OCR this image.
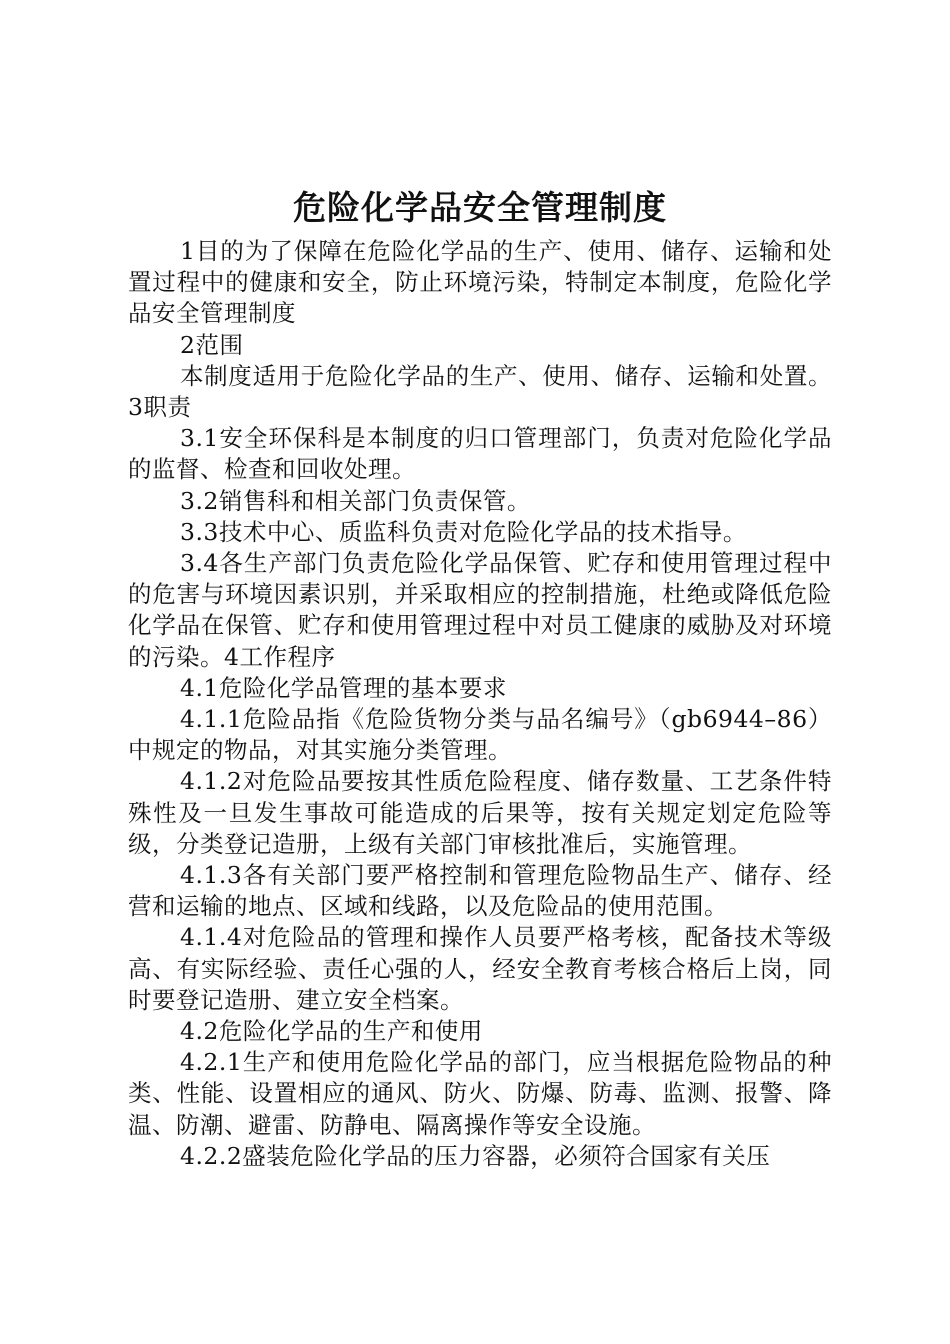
危险化学品安全管理制度

1目的为了保障在危险化学品的生产、使用、储存、运输和处置过程中的健康和安全，防止环境污染，特制定本制度，危险化学品安全管理制度

2范围

本制度适用于危险化学品的生产、使用、储存、运输和处置。3职责

3.1安全环保科是本制度的归口管理部门，负责对危险化学品的监督、检查和回收处理。

3.2销售科和相关部门负责保管。

3.3技术中心、质监科负责对危险化学品的技术指导。

3.4各生产部门负责危险化学品保管、贮存和使用管理过程中的危害与环境因素识别，并采取相应的控制措施，杜绝或降低危险化学品在保管、贮存和使用管理过程中对员工健康的威胁及对环境的污染。4工作程序

4.1危险化学品管理的基本要求

4.1.1危险品指《危险货物分类与品名编号》（gb6944–86）中规定的物品，对其实施分类管理。

4.1.2对危险品要按其性质危险程度、储存数量、工艺条件特殊性及一旦发生事故可能造成的后果等，按有关规定划定危险等级，分类登记造册，上级有关部门审核批准后，实施管理。

4.1.3各有关部门要严格控制和管理危险物品生产、储存、经营和运输的地点、区域和线路，以及危险品的使用范围。

4.1.4对危险品的管理和操作人员要严格考核，配备技术等级高、有实际经验、责任心强的人，经安全教育考核合格后上岗，同时要登记造册、建立安全档案。

4.2危险化学品的生产和使用

4.2.1生产和使用危险化学品的部门，应当根据危险物品的种类、性能、设置相应的通风、防火、防爆、防毒、监测、报警、降温、防潮、避雷、防静电、隔离操作等安全设施。

4.2.2盛装危险化学品的压力容器，必须符合国家有关压
